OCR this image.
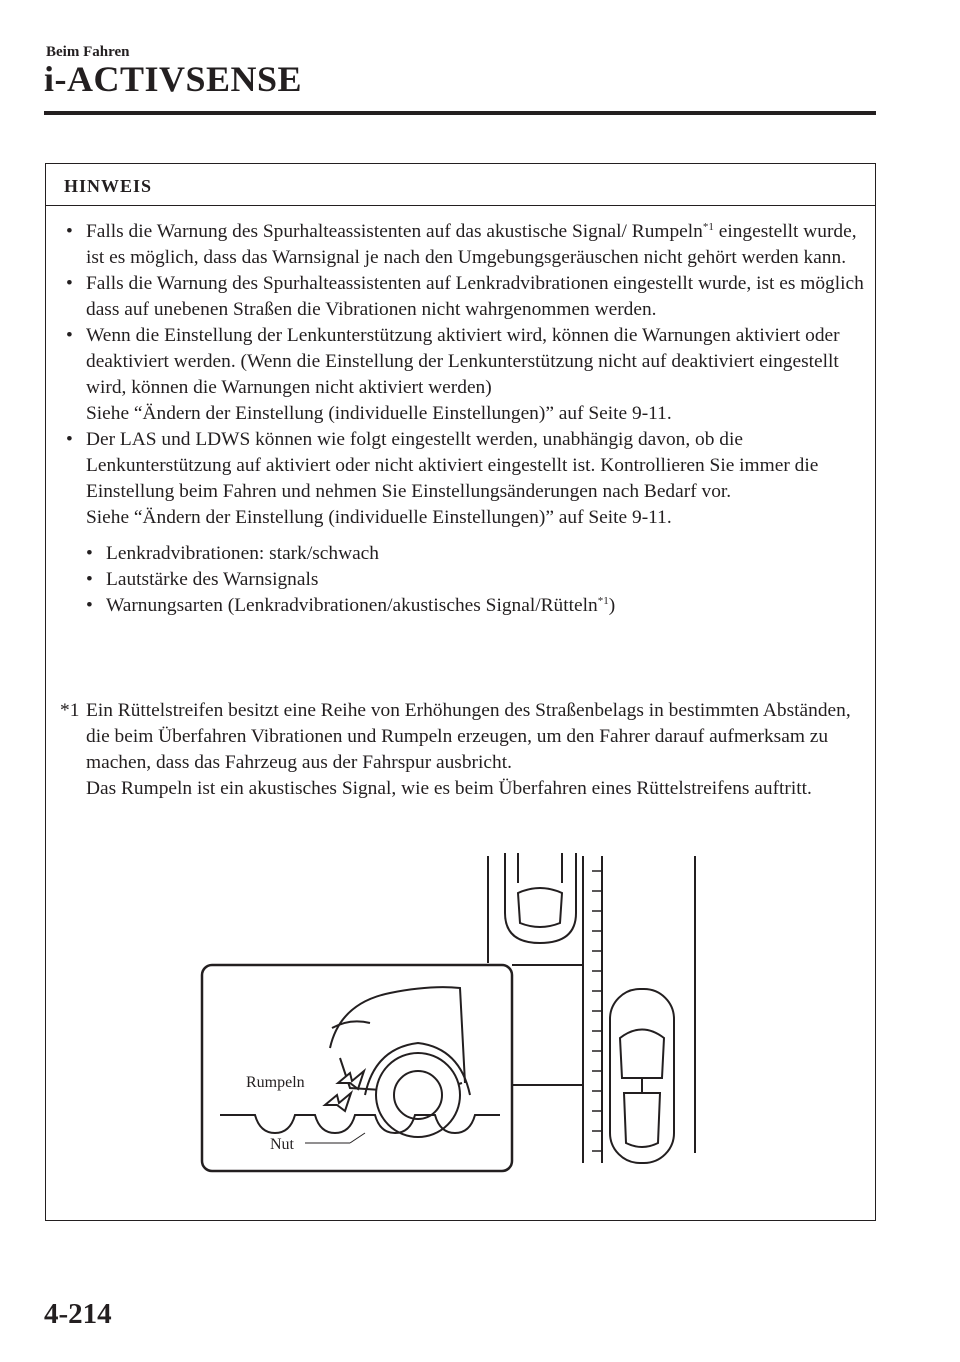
Beim Fahren
i-ACTIVSENSE
HINWEIS
• Falls die Warnung des Spurhalteassistenten auf das akustische Signal/ Rumpeln$^{*1}$ eingestellt wurde, ist es möglich, dass das Warnsignal je nach den Umgebungsgeräuschen nicht gehört werden kann.

• Falls die Warnung des Spurhalteassistenten auf Lenkradvibrationen eingestellt wurde, ist es möglich dass auf unebenen Straßen die Vibrationen nicht wahrgenommen werden.

• Wenn die Einstellung der Lenkunterstützung aktiviert wird, können die Warnungen aktiviert oder deaktiviert werden. (Wenn die Einstellung der Lenkunterstützung nicht auf deaktiviert eingestellt wird, können die Warnungen nicht aktiviert werden)

Siehe “Ändern der Einstellung (individuelle Einstellungen)” auf Seite 9-11.

• Der LAS und LDWS können wie folgt eingestellt werden, unabhängig davon, ob die Lenkunterstützung auf aktiviert oder nicht aktiviert eingestellt ist. Kontrollieren Sie immer die Einstellung beim Fahren und nehmen Sie Einstellungsänderungen nach Bedarf vor.

Siehe “Ändern der Einstellung (individuelle Einstellungen)” auf Seite 9-11.

• Lenkradvibrationen: stark/schwach
• Lautstärke des Warnsignals
• Warnungsarten (Lenkradvibrationen/akustisches Signal/Rütteln$^{*1}$)
*1 Ein Rüttelstreifen besitzt eine Reihe von Erhöhungen des Straßenbelags in bestimmten Abständen, die beim Überfahren Vibrationen und Rumpeln erzeugen, um den Fahrer darauf aufmerksam zu machen, dass das Fahrzeug aus der Fahrspur ausbricht.

Das Rumpeln ist ein akustisches Signal, wie es beim Überfahren eines Rüttelstreifens auftritt.

Rumpeln
Nut
4-214
